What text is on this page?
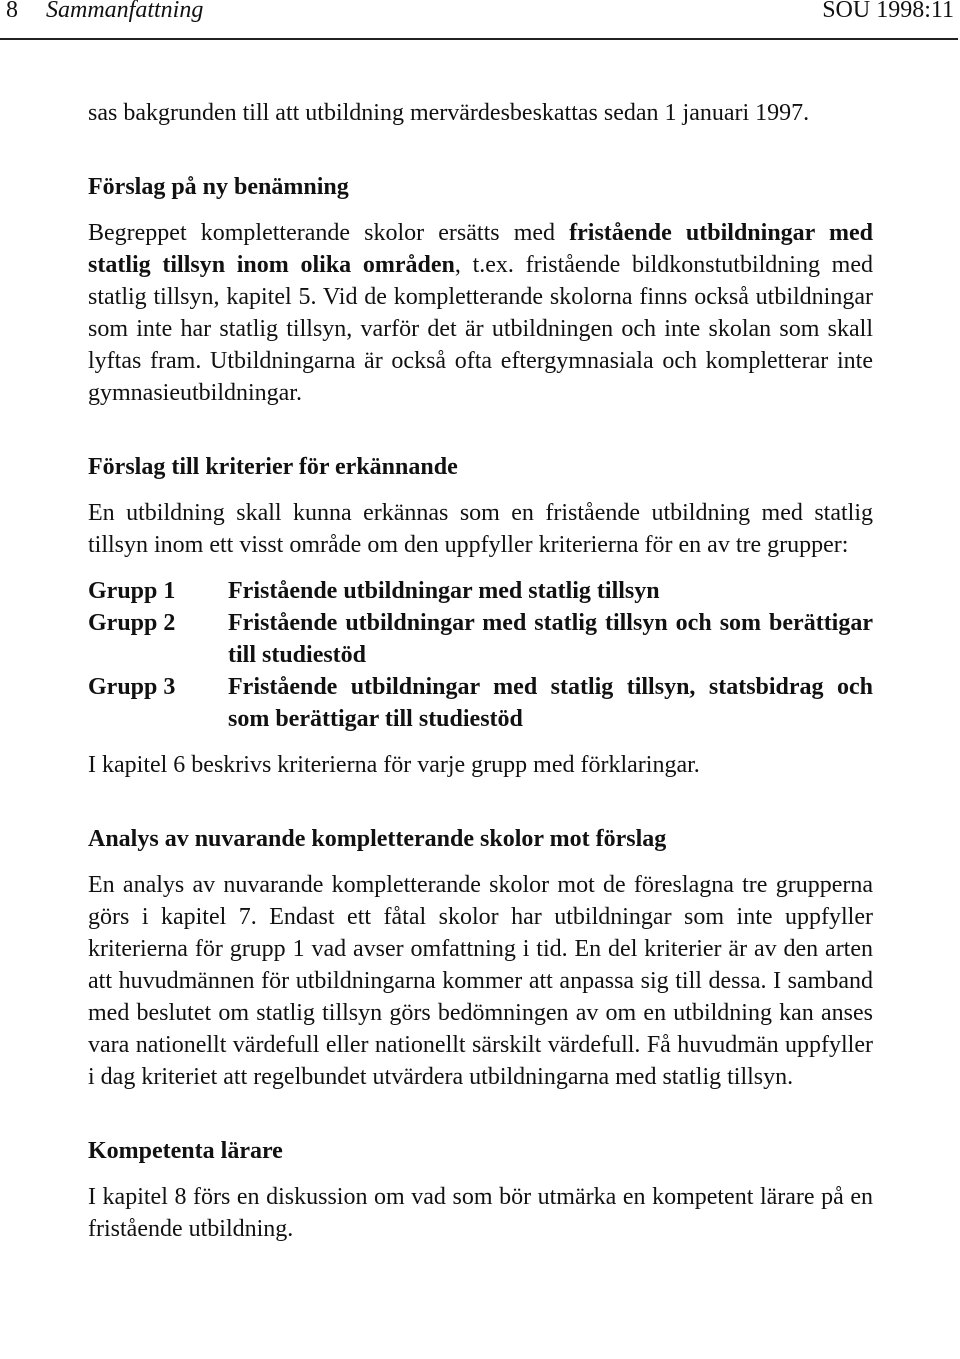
8 Sammanfattning	SOU 1998:11

sas bakgrunden till att utbildning mervärdesbeskattas sedan 1 januari 1997.

Förslag på ny benämning

Begreppet kompletterande skolor ersätts med fristående utbildningar med statlig tillsyn inom olika områden, t.ex. fristående bildkonstutbildning med statlig tillsyn, kapitel 5. Vid de kompletterande skolorna finns också utbildningar som inte har statlig tillsyn, varför det är utbildningen och inte skolan som skall lyftas fram. Utbildningarna är också ofta eftergymnasiala och kompletterar inte gymnasieutbildningar.

Förslag till kriterier för erkännande

En utbildning skall kunna erkännas som en fristående utbildning med statlig tillsyn inom ett visst område om den uppfyller kriterierna för en av tre grupper:

Grupp 1	Fristående utbildningar med statlig tillsyn
Grupp 2	Fristående utbildningar med statlig tillsyn och som berättigar till studiestöd
Grupp 3	Fristående utbildningar med statlig tillsyn, statsbidrag och som berättigar till studiestöd

I kapitel 6 beskrivs kriterierna för varje grupp med förklaringar.

Analys av nuvarande kompletterande skolor mot förslag

En analys av nuvarande kompletterande skolor mot de föreslagna tre grupperna görs i kapitel 7. Endast ett fåtal skolor har utbildningar som inte uppfyller kriterierna för grupp 1 vad avser omfattning i tid. En del kriterier är av den arten att huvudmännen för utbildningarna kommer att anpassa sig till dessa. I samband med beslutet om statlig tillsyn görs bedömningen av om en utbildning kan anses vara nationellt värdefull eller nationellt särskilt värdefull. Få huvudmän uppfyller i dag kriteriet att regelbundet utvärdera utbildningarna med statlig tillsyn.

Kompetenta lärare

I kapitel 8 förs en diskussion om vad som bör utmärka en kompetent lärare på en fristående utbildning.
